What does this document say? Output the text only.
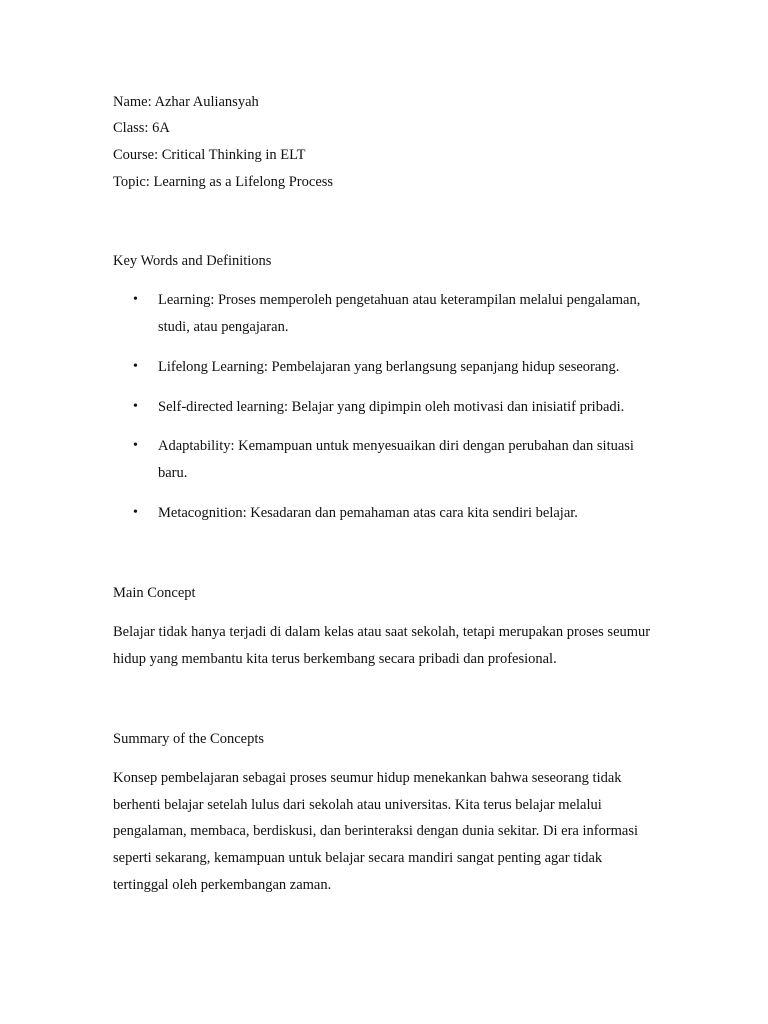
Name: Azhar Auliansyah
Class: 6A
Course: Critical Thinking in ELT
Topic: Learning as a Lifelong Process
Key Words and Definitions
• Learning: Proses memperoleh pengetahuan atau keterampilan melalui pengalaman, studi, atau pengajaran.
• Lifelong Learning: Pembelajaran yang berlangsung sepanjang hidup seseorang.
• Self-directed learning: Belajar yang dipimpin oleh motivasi dan inisiatif pribadi.
• Adaptability: Kemampuan untuk menyesuaikan diri dengan perubahan dan situasi baru.
• Metacognition: Kesadaran dan pemahaman atas cara kita sendiri belajar.
Main Concept
Belajar tidak hanya terjadi di dalam kelas atau saat sekolah, tetapi merupakan proses seumur hidup yang membantu kita terus berkembang secara pribadi dan profesional.
Summary of the Concepts
Konsep pembelajaran sebagai proses seumur hidup menekankan bahwa seseorang tidak berhenti belajar setelah lulus dari sekolah atau universitas. Kita terus belajar melalui pengalaman, membaca, berdiskusi, dan berinteraksi dengan dunia sekitar. Di era informasi seperti sekarang, kemampuan untuk belajar secara mandiri sangat penting agar tidak tertinggal oleh perkembangan zaman.
